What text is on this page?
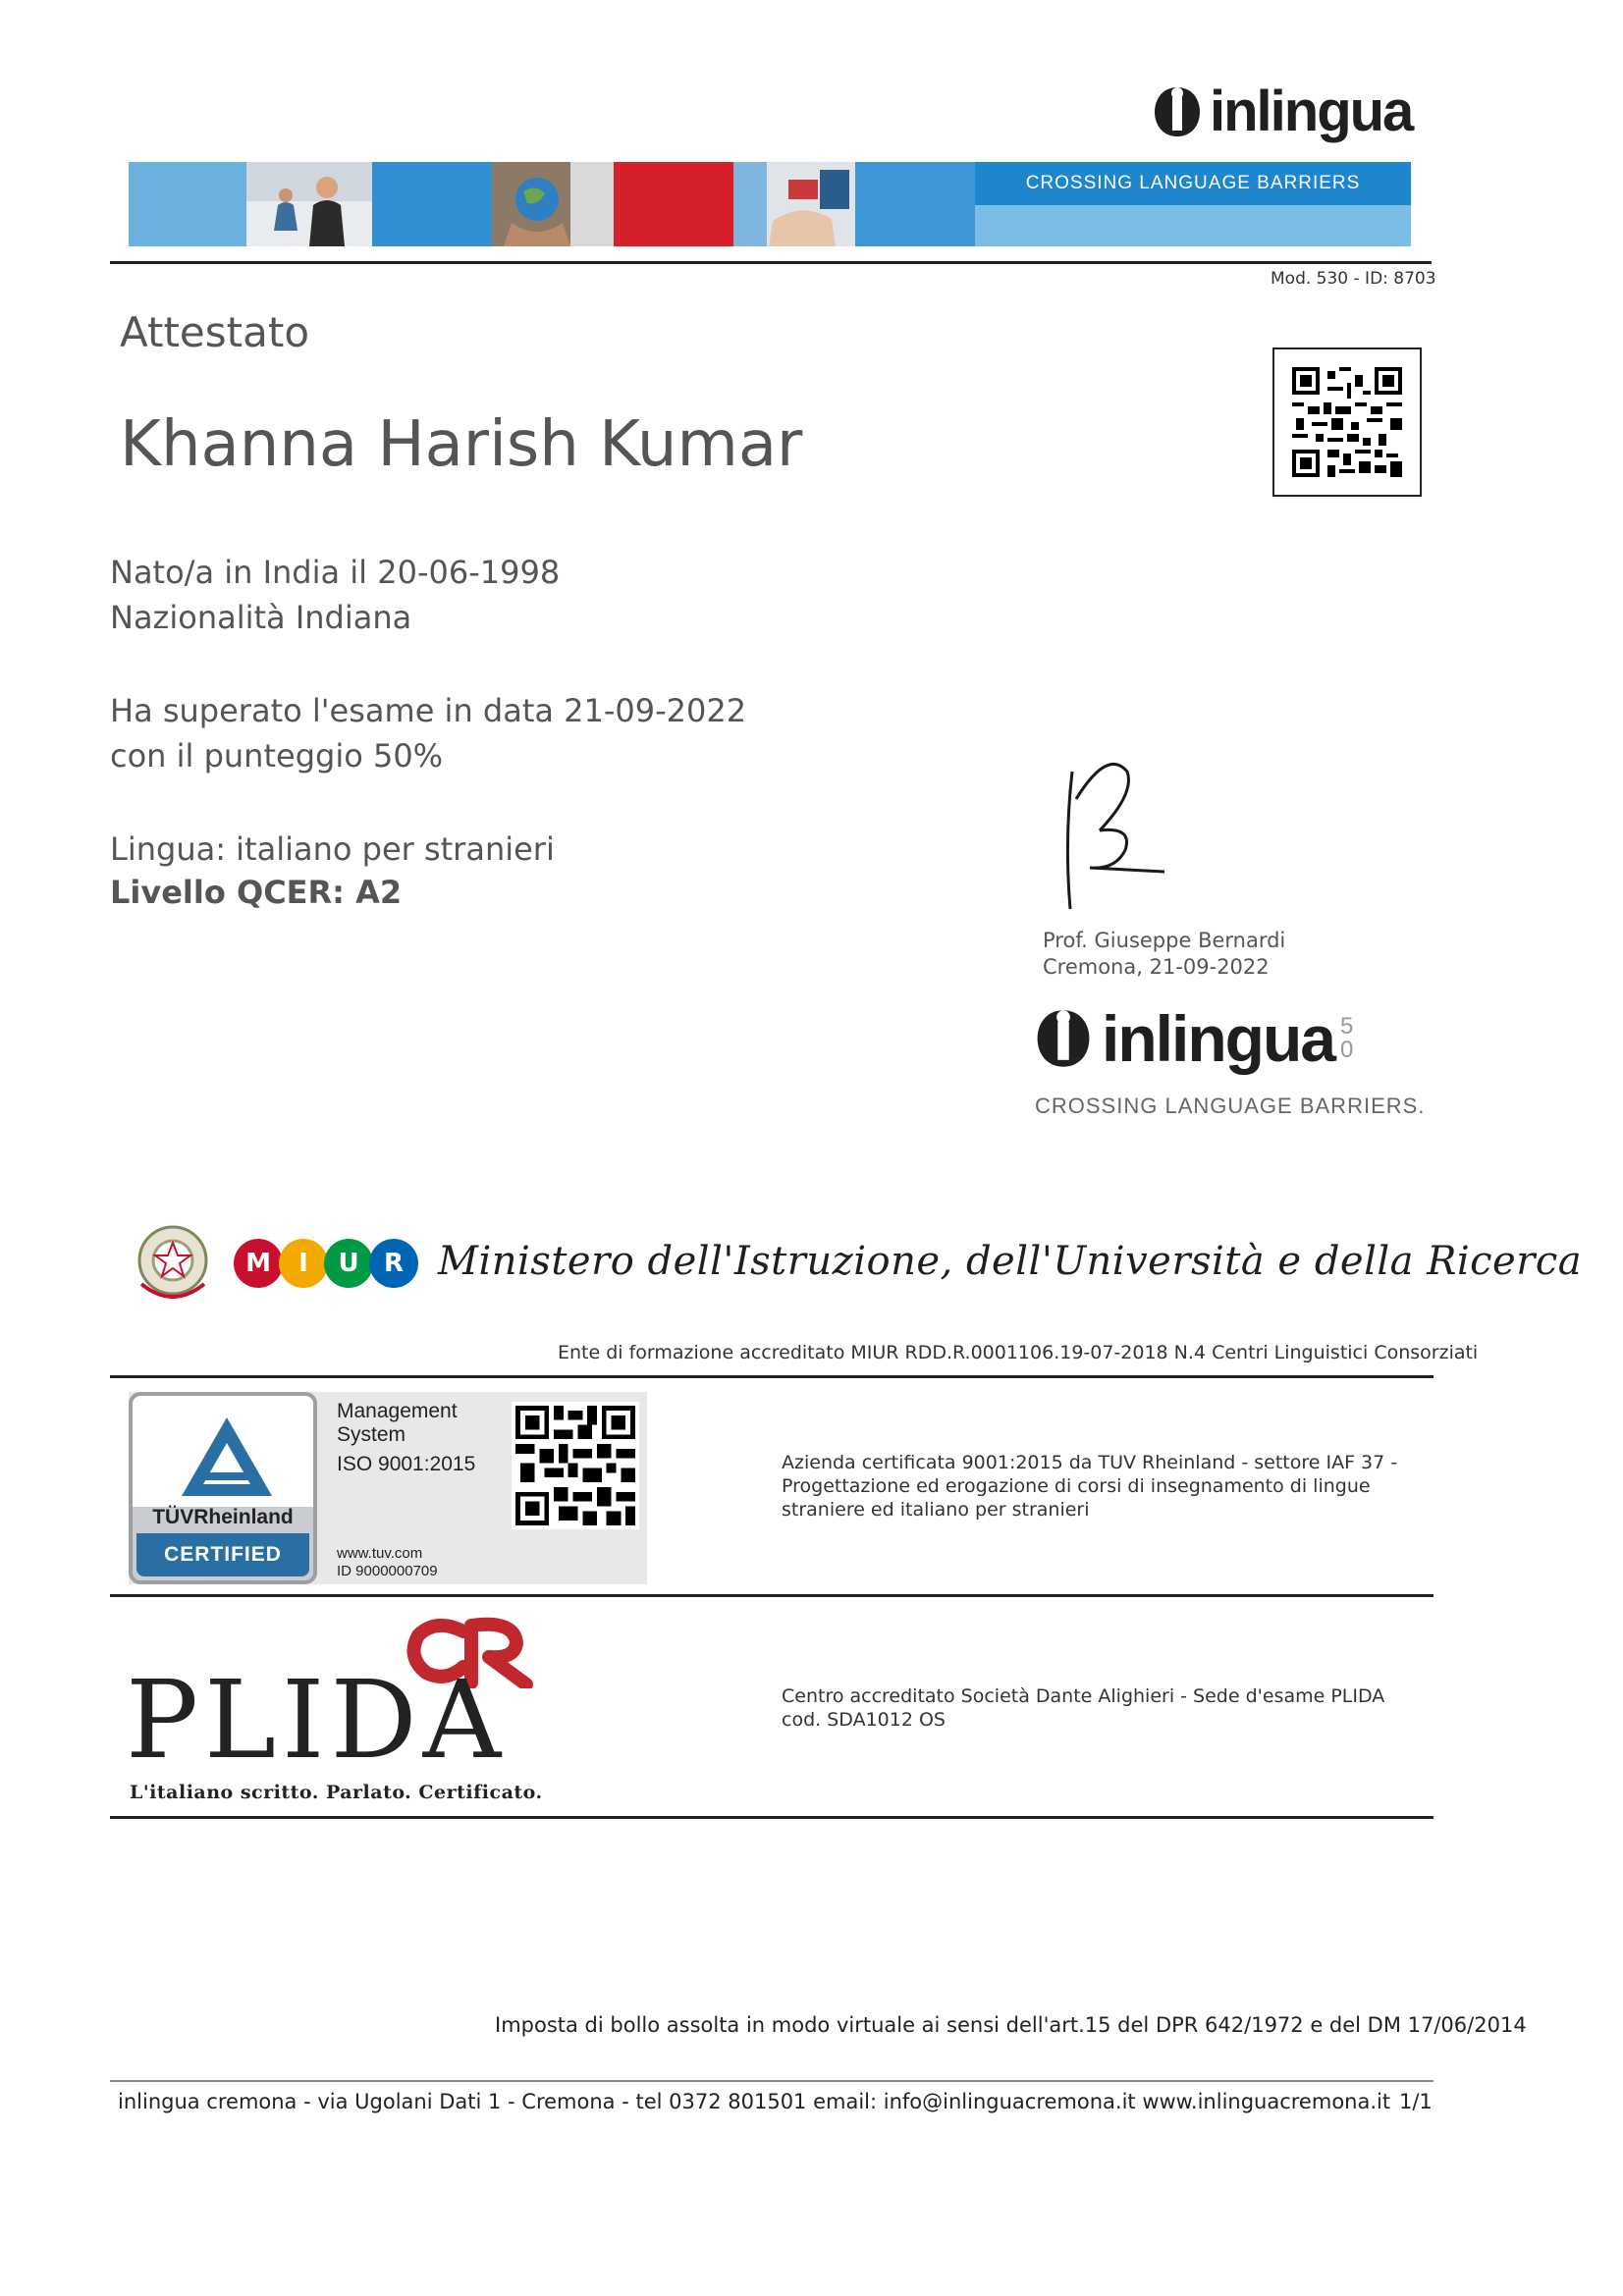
inlingua
CROSSING LANGUAGE BARRIERS
Mod. 530 - ID: 8703
Attestato
Khanna Harish Kumar
Nato/a in India il 20-06-1998
Nazionalità Indiana
Ha superato l'esame in data 21-09-2022
con il punteggio 50%
Lingua: italiano per stranieri
Livello QCER: A2
Prof. Giuseppe Bernardi
Cremona, 21-09-2022
inlingua 50
CROSSING LANGUAGE BARRIERS.
M	I	U R Ministero dell'Istruzione, dell'Università e della Ricerca
Ente di formazione accreditato MIUR RDD.R.0001106.19-07-2018 N.4 Centri Linguistici Consorziati
TÜVRheinland
CERTIFIED
Management
System
ISO 9001:2015
www.tuv.com
ID 9000000709
Azienda certificata 9001:2015 da TUV Rheinland - settore IAF 37 - Progettazione ed erogazione di corsi di insegnamento di lingue straniere ed italiano per stranieri
PLIDA
L'italiano scritto. Parlato. Certificato.
Centro accreditato Società Dante Alighieri - Sede d'esame PLIDA cod. SDA1012 OS
Imposta di bollo assolta in modo virtuale ai sensi dell'art.15 del DPR 642/1972 e del DM 17/06/2014
inlingua cremona - via Ugolani Dati 1 - Cremona - tel 0372 801501 email: info@inlinguacremona.it www.inlinguacremona.it 1/1
